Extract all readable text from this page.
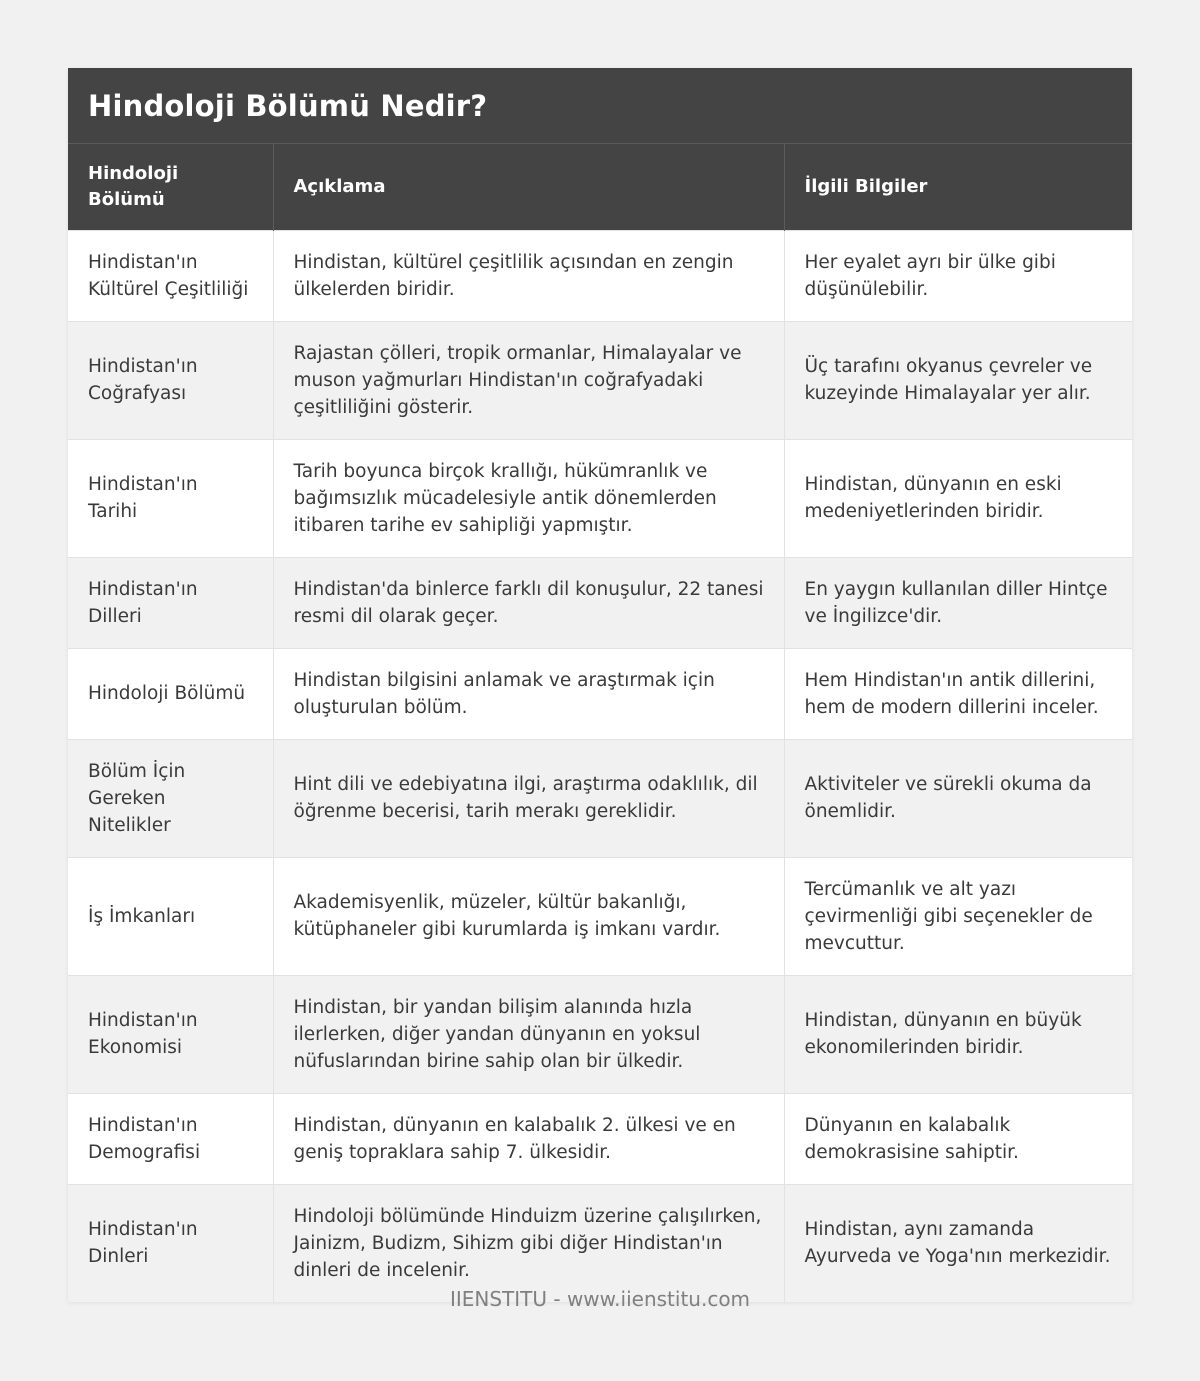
Hindoloji Bölümü Nedir?
Hindoloji Bölümü	Açıklama	İlgili Bilgiler
Hindistan'ın Kültürel Çeşitliliği	Hindistan, kültürel çeşitlilik açısından en zengin ülkelerden biridir.	Her eyalet ayrı bir ülke gibi düşünülebilir.
Hindistan'ın Coğrafyası	Rajastan çölleri, tropik ormanlar, Himalayalar ve muson yağmurları Hindistan'ın coğrafyadaki çeşitliliğini gösterir.	Üç tarafını okyanus çevreler ve kuzeyinde Himalayalar yer alır.
Hindistan'ın Tarihi	Tarih boyunca birçok krallığı, hükümranlık ve bağımsızlık mücadelesiyle antik dönemlerden itibaren tarihe ev sahipliği yapmıştır.	Hindistan, dünyanın en eski medeniyetlerinden biridir.
Hindistan'ın Dilleri	Hindistan'da binlerce farklı dil konuşulur, 22 tanesi resmi dil olarak geçer.	En yaygın kullanılan diller Hintçe ve İngilizce'dir.
Hindoloji Bölümü	Hindistan bilgisini anlamak ve araştırmak için oluşturulan bölüm.	Hem Hindistan'ın antik dillerini, hem de modern dillerini inceler.
Bölüm İçin Gereken Nitelikler	Hint dili ve edebiyatına ilgi, araştırma odaklılık, dil öğrenme becerisi, tarih merakı gereklidir.	Aktiviteler ve sürekli okuma da önemlidir.
İş İmkanları	Akademisyenlik, müzeler, kültür bakanlığı, kütüphaneler gibi kurumlarda iş imkanı vardır.	Tercümanlık ve alt yazı çevirmenliği gibi seçenekler de mevcuttur.
Hindistan'ın Ekonomisi	Hindistan, bir yandan bilişim alanında hızla ilerlerken, diğer yandan dünyanın en yoksul nüfuslarından birine sahip olan bir ülkedir.	Hindistan, dünyanın en büyük ekonomilerinden biridir.
Hindistan'ın Demografisi	Hindistan, dünyanın en kalabalık 2. ülkesi ve en geniş topraklara sahip 7. ülkesidir.	Dünyanın en kalabalık demokrasisine sahiptir.
Hindistan'ın Dinleri	Hindoloji bölümünde Hinduizm üzerine çalışılırken, Jainizm, Budizm, Sihizm gibi diğer Hindistan'ın dinleri de incelenir.	Hindistan, aynı zamanda Ayurveda ve Yoga'nın merkezidir.
IIENSTITU - www.iienstitu.com
